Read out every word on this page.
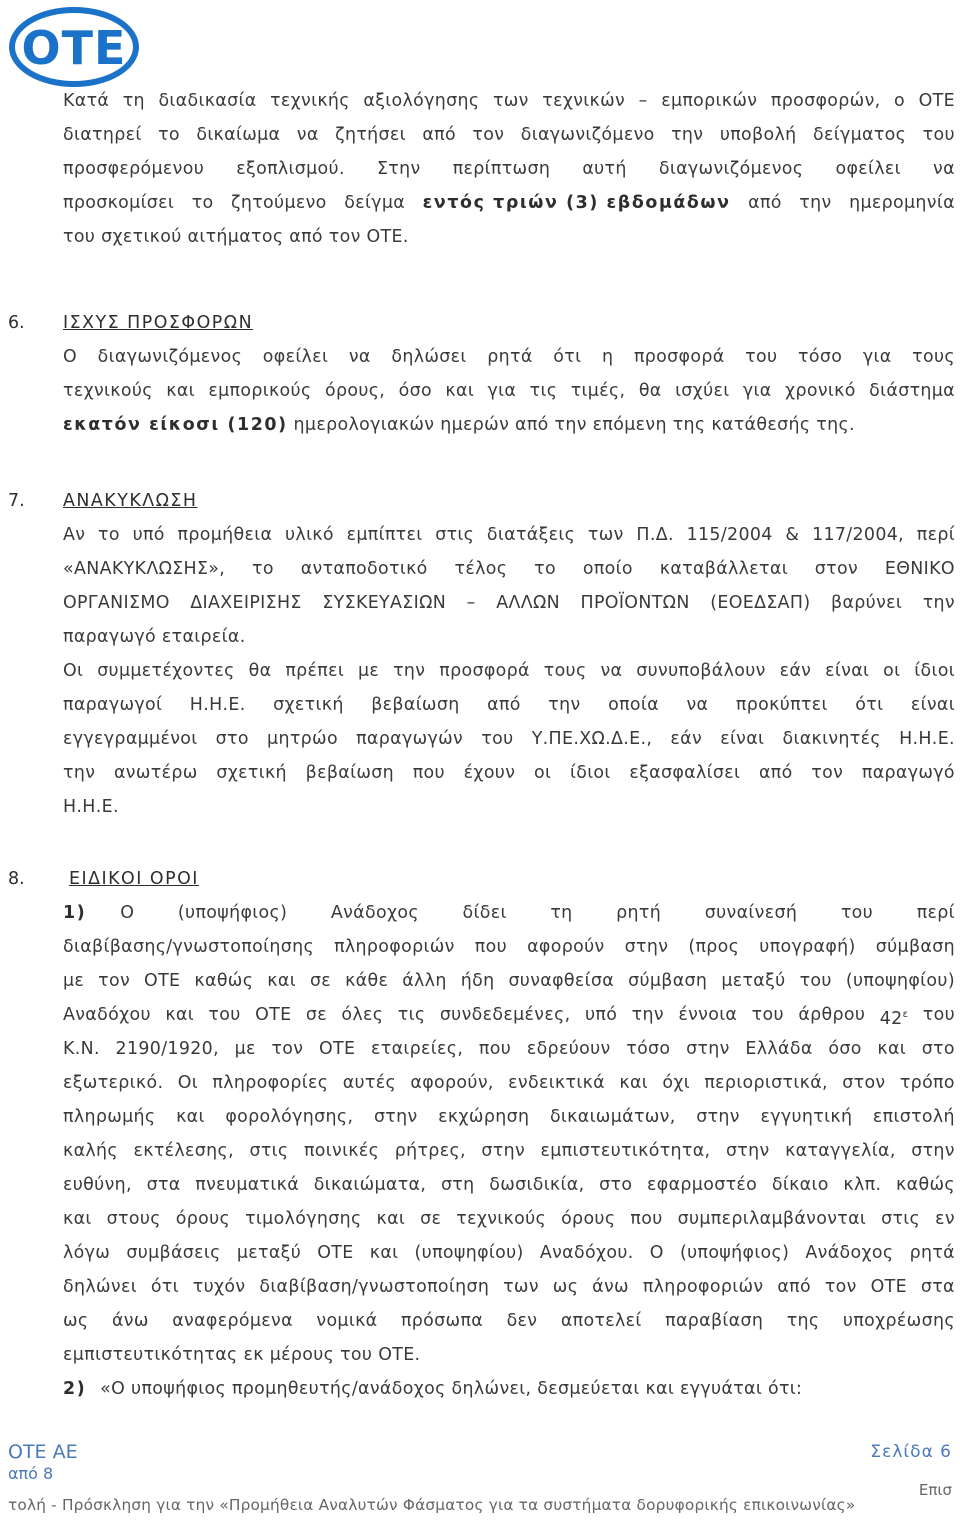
ΟΤΕ
Κατά τη διαδικασία τεχνικής αξιολόγησης των τεχνικών – εμπορικών προσφορών, ο ΟΤΕ
διατηρεί το δικαίωμα να ζητήσει από τον διαγωνιζόμενο την υποβολή δείγματος του
προσφερόμενου εξοπλισμού. Στην περίπτωση αυτή διαγωνιζόμενος οφείλει να
προσκομίσει το ζητούμενο δείγμα εντός τριών (3) εβδομάδων από την ημερομηνία
του σχετικού αιτήματος από τον ΟΤΕ.
6. ΙΣΧΥΣ ΠΡΟΣΦΟΡΩΝ
Ο διαγωνιζόμενος οφείλει να δηλώσει ρητά ότι η προσφορά του τόσο για τους
τεχνικούς και εμπορικούς όρους, όσο και για τις τιμές, θα ισχύει για χρονικό διάστημα
εκατόν είκοσι (120) ημερολογιακών ημερών από την επόμενη της κατάθεσής της.
7. ΑΝΑΚΥΚΛΩΣΗ
Αν το υπό προμήθεια υλικό εμπίπτει στις διατάξεις των Π.Δ. 115/2004 & 117/2004, περί
«ΑΝΑΚΥΚΛΩΣΗΣ», το ανταποδοτικό τέλος το οποίο καταβάλλεται στον ΕΘΝΙΚΟ
ΟΡΓΑΝΙΣΜΟ ΔΙΑΧΕΙΡΙΣΗΣ ΣΥΣΚΕΥΑΣΙΩΝ – ΑΛΛΩΝ ΠΡΟΪΟΝΤΩΝ (ΕΟΕΔΣΑΠ) βαρύνει την
παραγωγό εταιρεία.
Οι συμμετέχοντες θα πρέπει με την προσφορά τους να συνυποβάλουν εάν είναι οι ίδιοι
παραγωγοί Η.Η.Ε. σχετική βεβαίωση από την οποία να προκύπτει ότι είναι
εγγεγραμμένοι στο μητρώο παραγωγών του Υ.ΠΕ.ΧΩ.Δ.Ε., εάν είναι διακινητές Η.Η.Ε.
την ανωτέρω σχετική βεβαίωση που έχουν οι ίδιοι εξασφαλίσει από τον παραγωγό
Η.Η.Ε.
8.	ΕΙΔΙΚΟΙ ΟΡΟΙ
1) Ο	(υποψήφιος)	Ανάδοχος	δίδει	τη	ρητή	συναίνεσή	του	περί
διαβίβασης/γνωστοποίησης πληροφοριών που αφορούν στην (προς υπογραφή) σύμβαση
με τον ΟΤΕ καθώς και σε κάθε άλλη ήδη συναφθείσα σύμβαση μεταξύ του (υποψηφίου)
Αναδόχου και του ΟΤΕ σε όλες τις συνδεδεμένες, υπό την έννοια του άρθρου $42^\varepsilon$ του
Κ.Ν. 2190/1920, με τον ΟΤΕ εταιρείες, που εδρεύουν τόσο στην Ελλάδα όσο και στο
εξωτερικό. Οι πληροφορίες αυτές αφορούν, ενδεικτικά και όχι περιοριστικά, στον τρόπο
πληρωμής και φορολόγησης, στην εκχώρηση δικαιωμάτων, στην εγγυητική επιστολή
καλής εκτέλεσης, στις ποινικές ρήτρες, στην εμπιστευτικότητα, στην καταγγελία, στην
ευθύνη, στα πνευματικά δικαιώματα, στη δωσιδικία, στο εφαρμοστέο δίκαιο κλπ. καθώς
και στους όρους τιμολόγησης και σε τεχνικούς όρους που συμπεριλαμβάνονται στις εν
λόγω συμβάσεις μεταξύ ΟΤΕ και (υποψηφίου) Αναδόχου. Ο (υποψήφιος) Ανάδοχος ρητά
δηλώνει ότι τυχόν διαβίβαση/γνωστοποίηση των ως άνω πληροφοριών από τον ΟΤΕ στα
ως άνω αναφερόμενα νομικά πρόσωπα δεν αποτελεί παραβίαση της υποχρέωσης
εμπιστευτικότητας εκ μέρους του ΟΤΕ.
2) «Ο υποψήφιος προμηθευτής/ανάδοχος δηλώνει, δεσμεύεται και εγγυάται ότι:
ΟΤΕ ΑΕ
από 8
Σελίδα 6
Επισ
τολή - Πρόσκληση για την «Προμήθεια Αναλυτών Φάσματος για τα συστήματα δορυφορικής επικοινωνίας»
